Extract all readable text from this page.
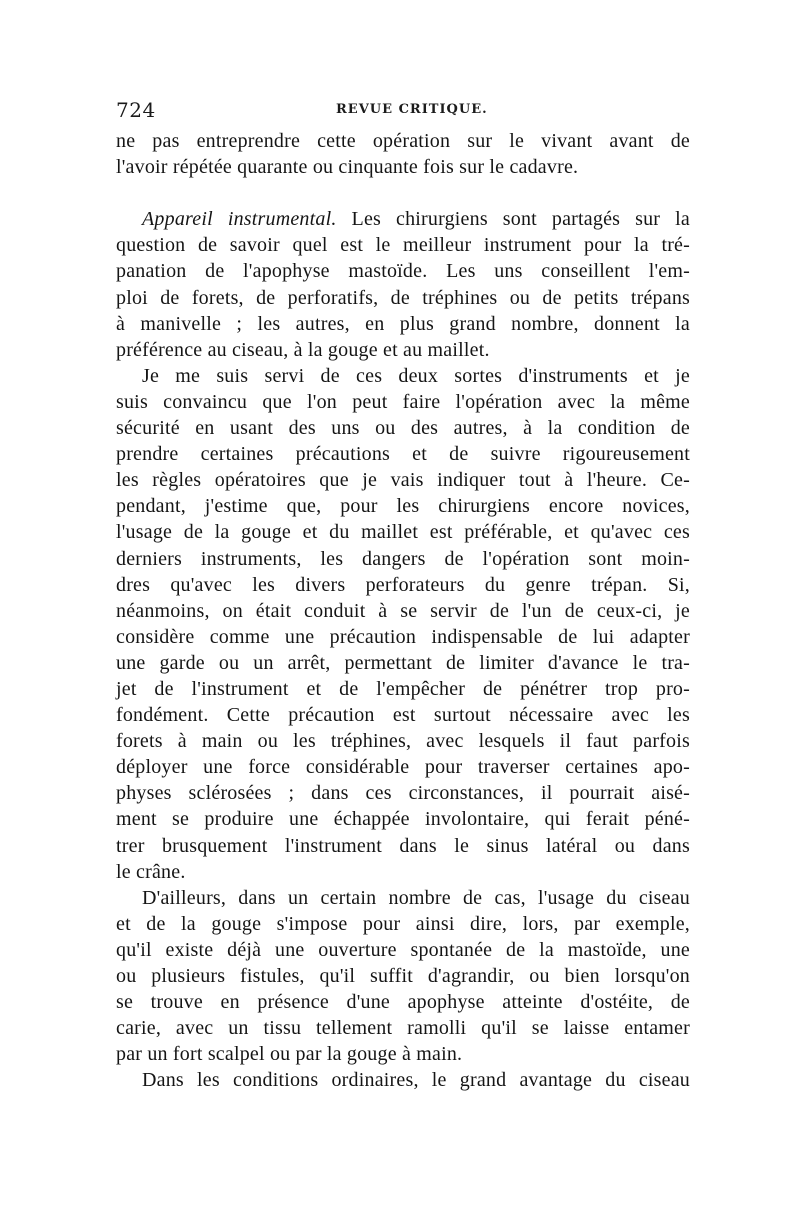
724	REVUE CRITIQUE.
ne pas entreprendre cette opération sur le vivant avant de
l'avoir répétée quarante ou cinquante fois sur le cadavre.
Appareil instrumental. Les chirurgiens sont partagés sur la
question de savoir quel est le meilleur instrument pour la tré-
panation de l'apophyse mastoïde. Les uns conseillent l'em-
ploi de forets, de perforatifs, de tréphines ou de petits trépans
à manivelle ; les autres, en plus grand nombre, donnent la
préférence au ciseau, à la gouge et au maillet.
Je me suis servi de ces deux sortes d'instruments et je
suis convaincu que l'on peut faire l'opération avec la même
sécurité en usant des uns ou des autres, à la condition de
prendre certaines précautions et de suivre rigoureusement
les règles opératoires que je vais indiquer tout à l'heure. Ce-
pendant, j'estime que, pour les chirurgiens encore novices,
l'usage de la gouge et du maillet est préférable, et qu'avec ces
derniers instruments, les dangers de l'opération sont moin-
dres qu'avec les divers perforateurs du genre trépan. Si,
néanmoins, on était conduit à se servir de l'un de ceux-ci, je
considère comme une précaution indispensable de lui adapter
une garde ou un arrêt, permettant de limiter d'avance le tra-
jet de l'instrument et de l'empêcher de pénétrer trop pro-
fondément. Cette précaution est surtout nécessaire avec les
forets à main ou les tréphines, avec lesquels il faut parfois
déployer une force considérable pour traverser certaines apo-
physes sclérosées ; dans ces circonstances, il pourrait aisé-
ment se produire une échappée involontaire, qui ferait péné-
trer brusquement l'instrument dans le sinus latéral ou dans
le crâne.
D'ailleurs, dans un certain nombre de cas, l'usage du ciseau
et de la gouge s'impose pour ainsi dire, lors, par exemple,
qu'il existe déjà une ouverture spontanée de la mastoïde, une
ou plusieurs fistules, qu'il suffit d'agrandir, ou bien lorsqu'on
se trouve en présence d'une apophyse atteinte d'ostéite, de
carie, avec un tissu tellement ramolli qu'il se laisse entamer
par un fort scalpel ou par la gouge à main.
Dans les conditions ordinaires, le grand avantage du ciseau
